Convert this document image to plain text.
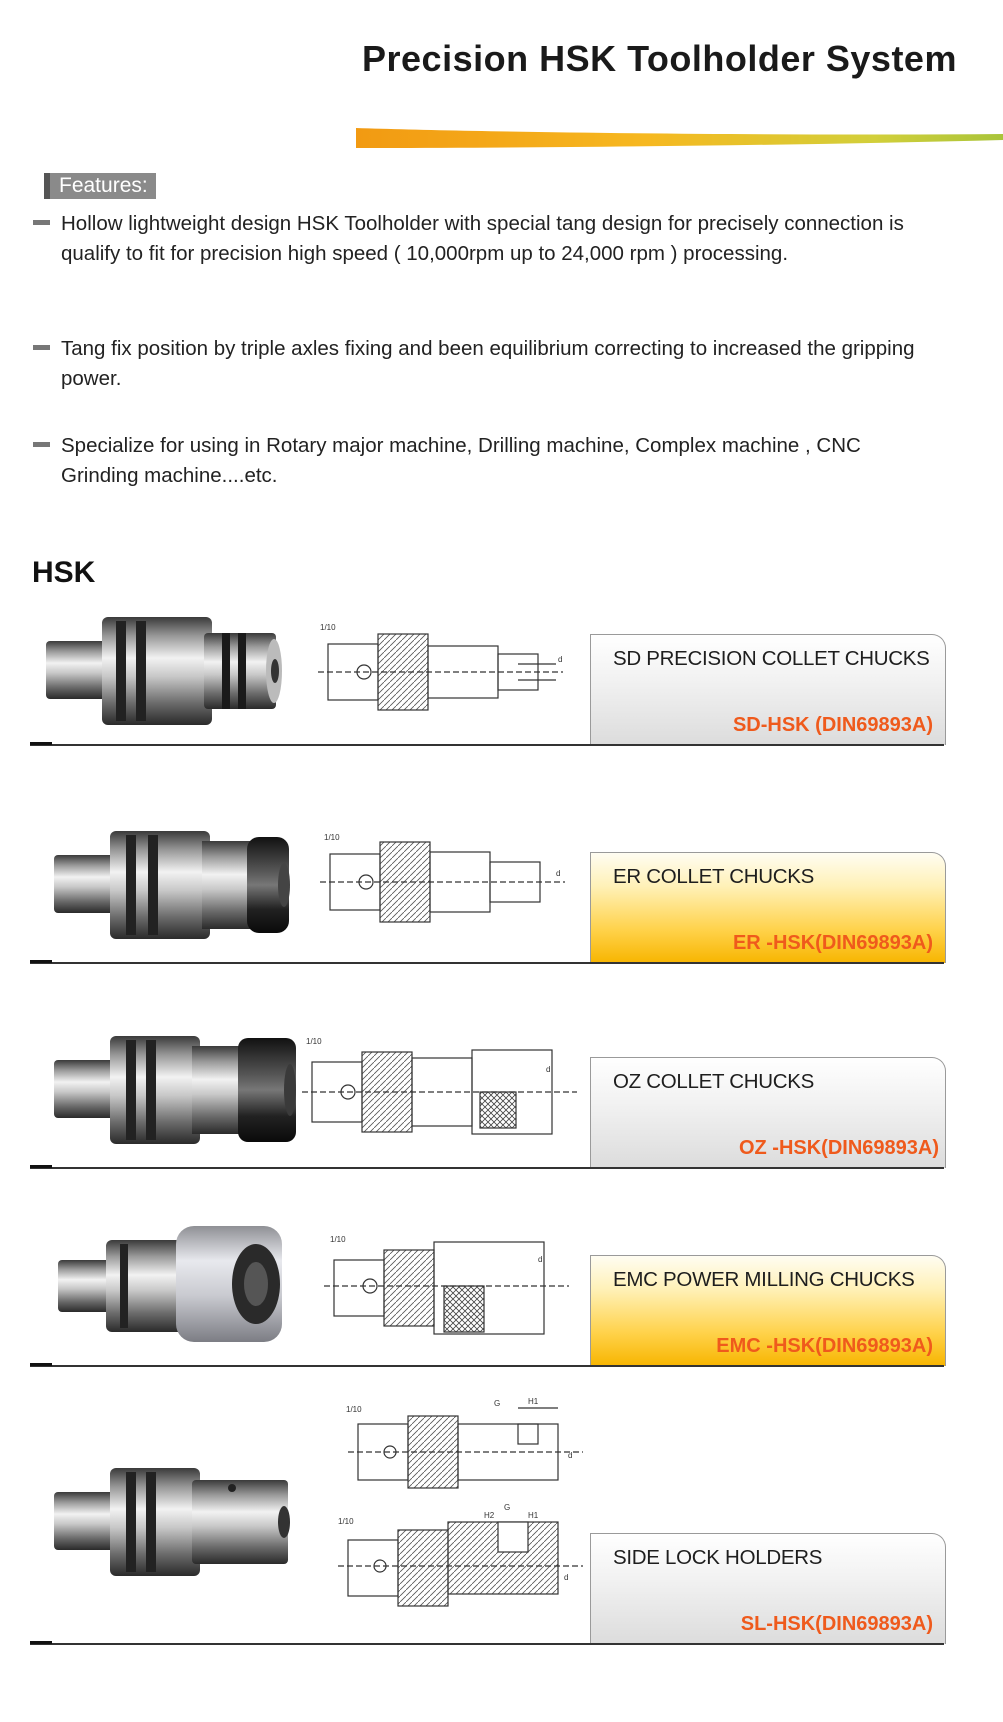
Precision HSK Toolholder System
Features:

Hollow lightweight design HSK Toolholder with special tang design for precisely connection is qualify to fit for precision high speed ( 10,000rpm up to 24,000 rpm ) processing.

Tang fix position by triple axles fixing and been equilibrium correcting to increased the gripping power.

Specialize for using in Rotary major machine, Drilling machine, Complex machine , CNC Grinding machine....etc.

HSK
1/10
d SD PRECISION COLLET CHUCKS
SD-HSK (DIN69893A)
1/10
d	ER COLLET CHUCKS
ER -HSK(DIN69893A)
1/10
d
OZ COLLET CHUCKS
OZ -HSK(DIN69893A)
1/10
d
EMC POWER MILLING CHUCKS
EMC -HSK(DIN69893A)
1/10
G	H1
d
1/10
H2
G
H1
d
SIDE LOCK HOLDERS
SL-HSK(DIN69893A)
